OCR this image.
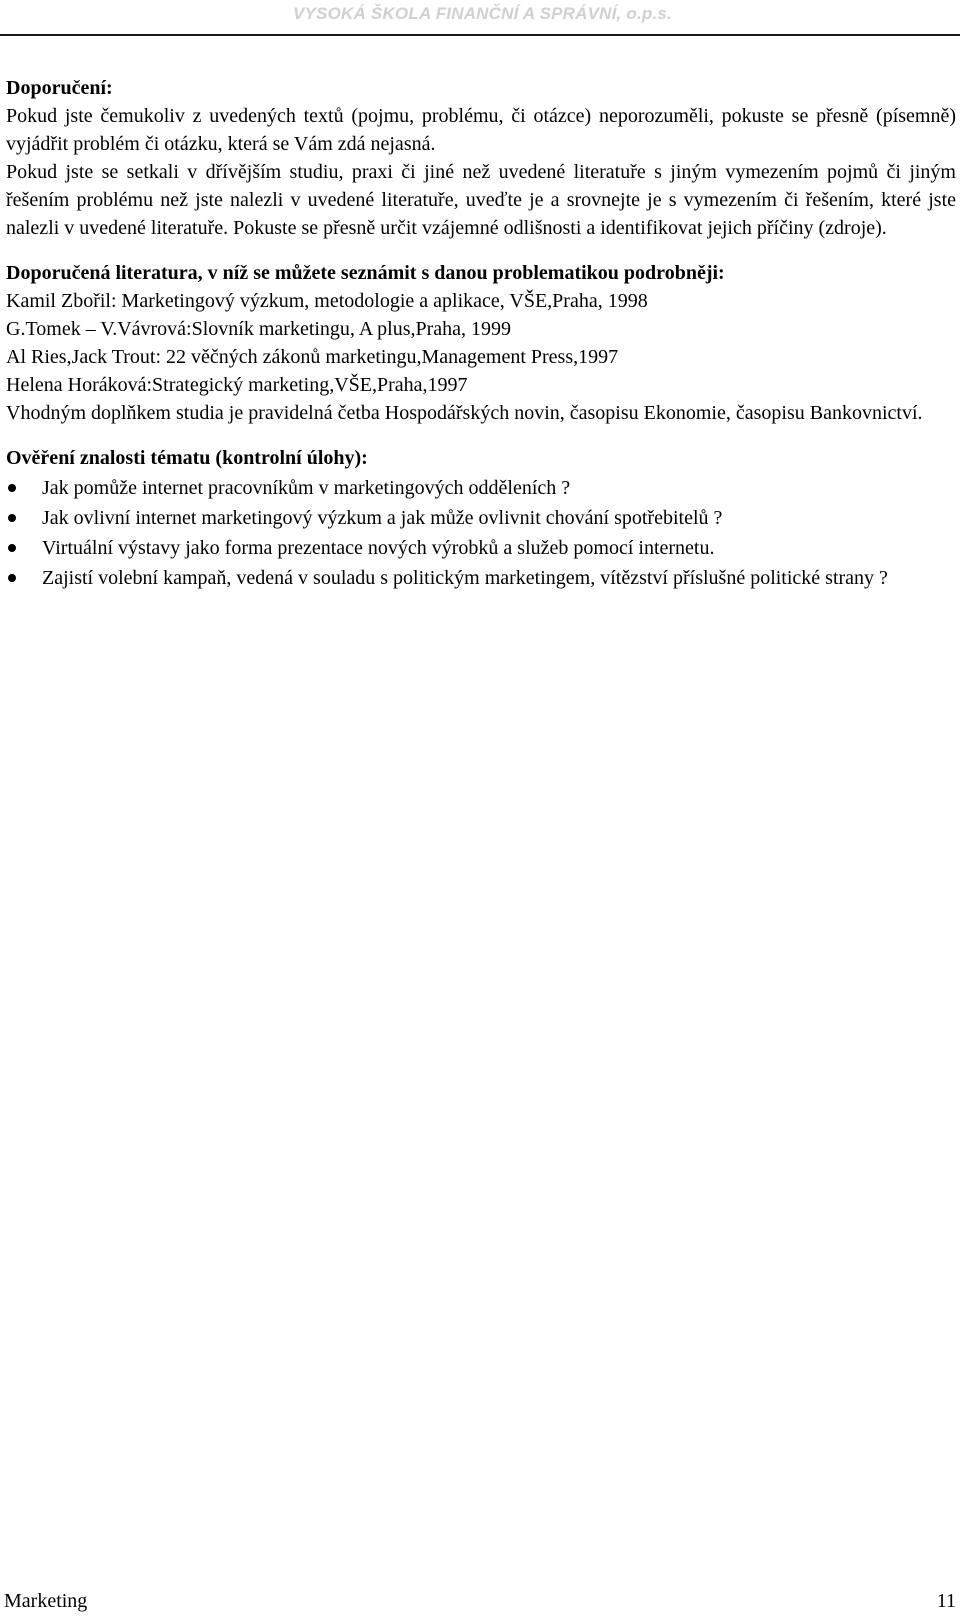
VYSOKÁ ŠKOLA FINANČNÍ A SPRÁVNÍ, o.p.s.

Doporučení:

Pokud jste čemukoliv z uvedených textů (pojmu, problému, či otázce) neporozuměli, pokuste se přesně (písemně) vyjádřit problém či otázku, která se Vám zdá nejasná.

Pokud jste se setkali v dřívějším studiu, praxi či jiné než uvedené literatuře s jiným vymezením pojmů či jiným řešením problému než jste nalezli v uvedené literatuře, uveďte je a srovnejte je s vymezením či řešením, které jste nalezli v uvedené literatuře. Pokuste se přesně určit vzájemné odlišnosti a identifikovat jejich příčiny (zdroje).

Doporučená literatura, v níž se můžete seznámit s danou problematikou podrobněji:

Kamil Zbořil: Marketingový výzkum, metodologie a aplikace, VŠE,Praha, 1998

G.Tomek – V.Vávrová:Slovník marketingu, A plus,Praha, 1999

Al Ries,Jack Trout: 22 věčných zákonů marketingu,Management Press,1997

Helena Horáková:Strategický marketing,VŠE,Praha,1997

Vhodným doplňkem studia je pravidelná četba Hospodářských novin, časopisu Ekonomie, časopisu Bankovnictví.

Ověření znalosti tématu (kontrolní úlohy):

Jak pomůže internet pracovníkům v marketingových odděleních ?
Jak ovlivní internet marketingový výzkum a jak může ovlivnit chování spotřebitelů ?
Virtuální výstavy jako forma prezentace nových výrobků a služeb pomocí internetu.
Zajistí volební kampaň, vedená v souladu s politickým marketingem, vítězství příslušné politické strany ?
Marketing	11
